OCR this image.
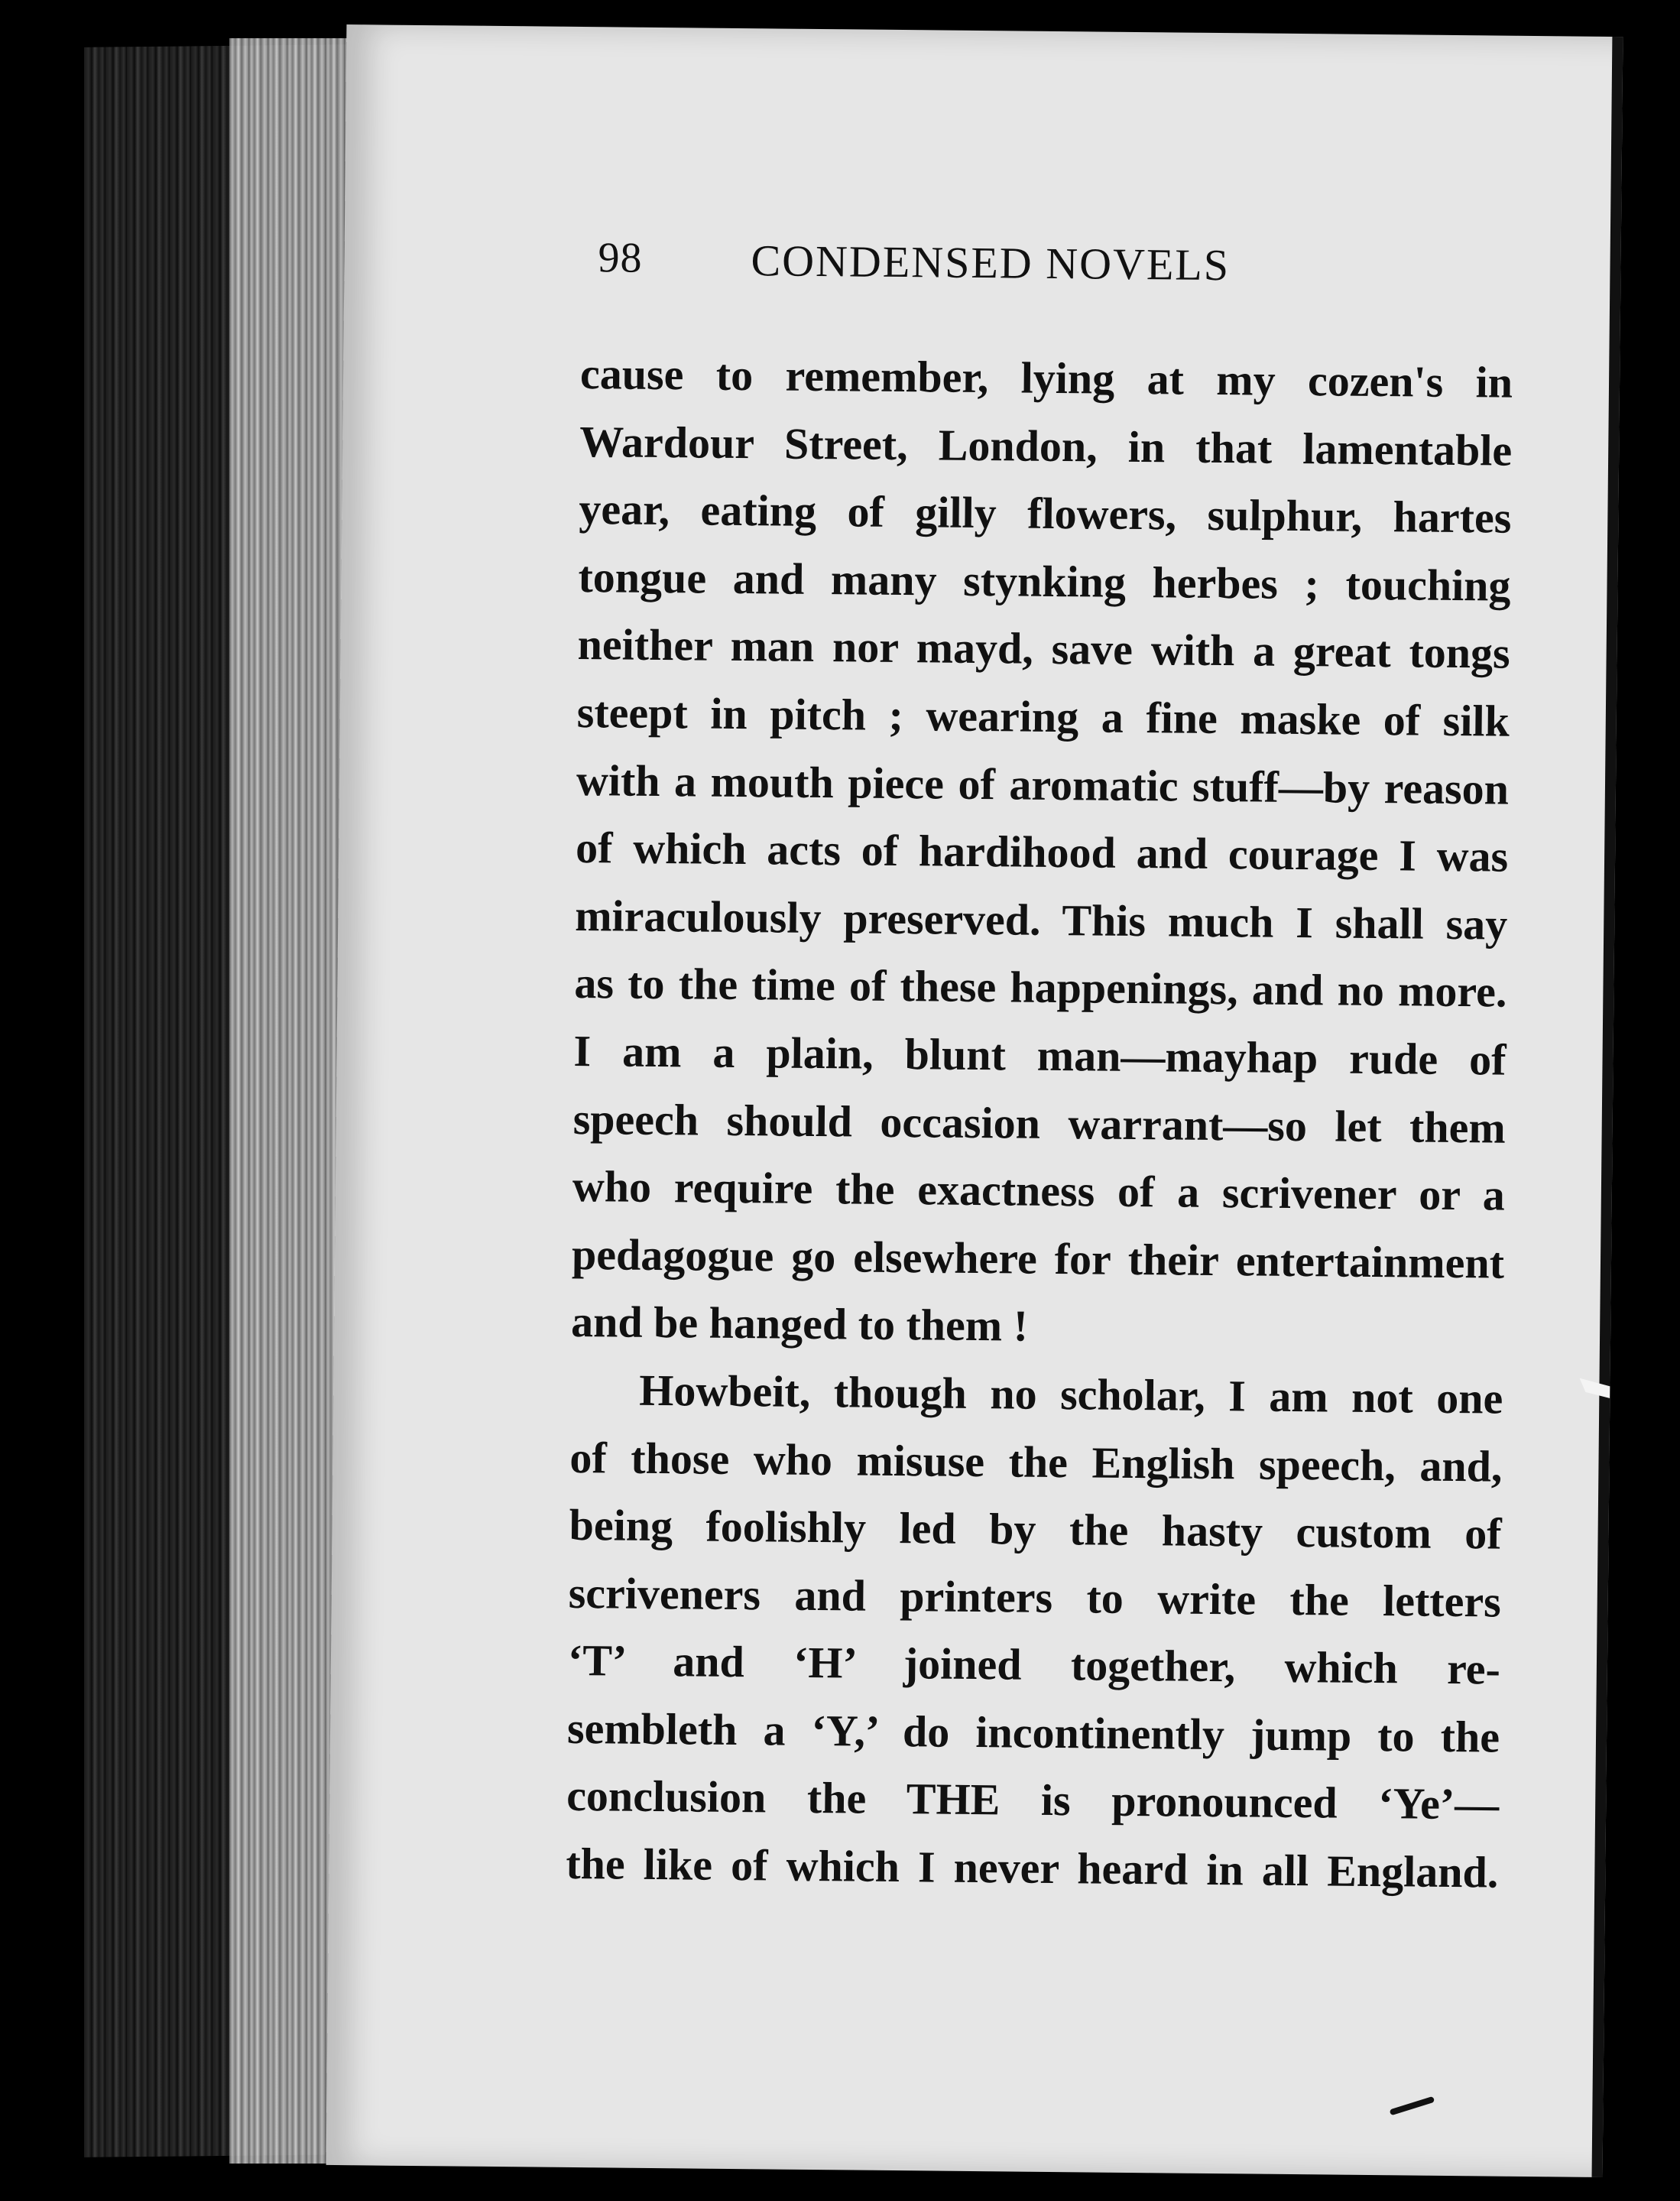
98 CONDENSED NOVELS
cause to remember, lying at my cozen's in
Wardour Street, London, in that lamentable
year, eating of gilly flowers, sulphur, hartes
tongue and many stynking herbes ; touching
neither man nor mayd, save with a great tongs
steept in pitch ; wearing a fine maske of silk
with a mouth piece of aromatic stuff—by reason
of which acts of hardihood and courage I was
miraculously preserved. This much I shall say
as to the time of these happenings, and no more.
I am a plain, blunt man—mayhap rude of
speech should occasion warrant—so let them
who require the exactness of a scrivener or a
pedagogue go elsewhere for their entertainment
and be hanged to them !
Howbeit, though no scholar, I am not one
of those who misuse the English speech, and,
being foolishly led by the hasty custom of
scriveners and printers to write the letters
‘T’ and ‘H’ joined together, which re-
sembleth a ‘Y,’ do incontinently jump to the
conclusion the THE is pronounced ‘Ye’—
the like of which I never heard in all England.
